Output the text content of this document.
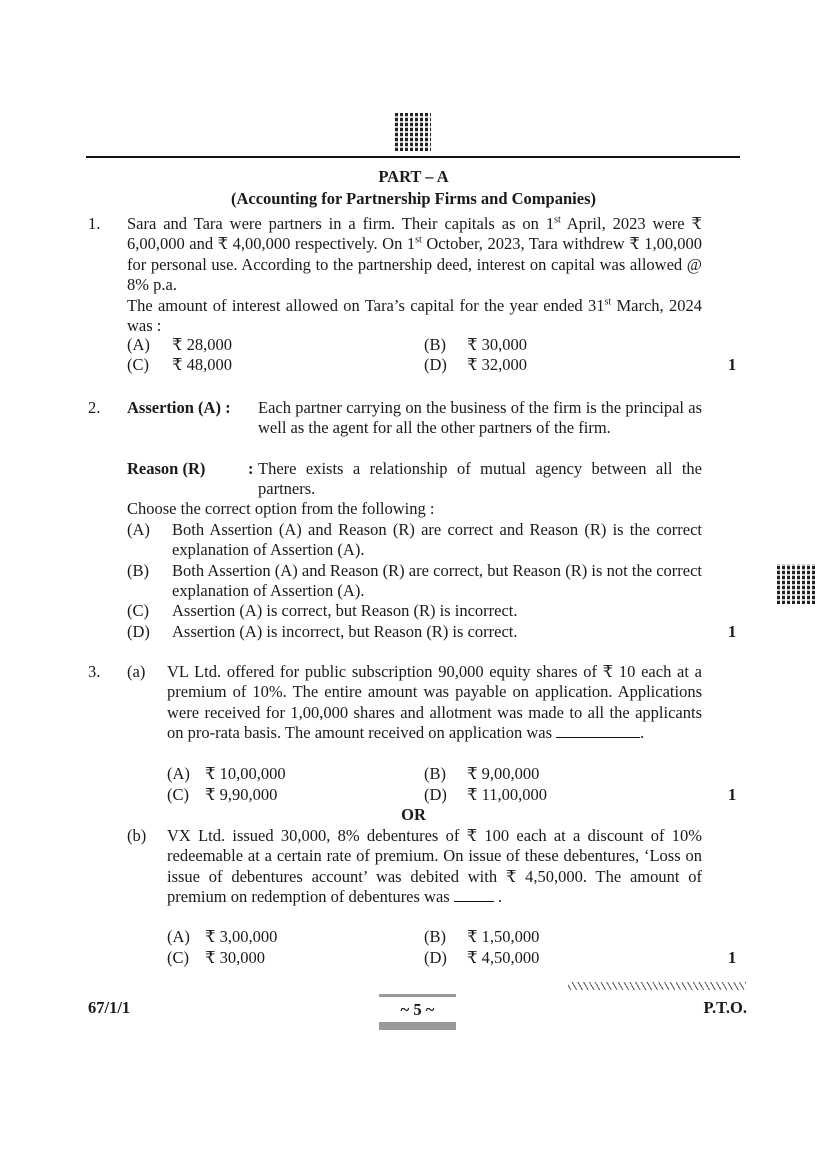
PART – A
(Accounting for Partnership Firms and Companies)
1. Sara and Tara were partners in a firm. Their capitals as on 1st April, 2023 were ₹ 6,00,000 and ₹ 4,00,000 respectively. On 1st October, 2023, Tara withdrew ₹ 1,00,000 for personal use. According to the partnership deed, interest on capital was allowed @ 8% p.a.
The amount of interest allowed on Tara’s capital for the year ended 31st March, 2024 was :
(A) ₹ 28,000	(B) ₹ 30,000
(C) ₹ 48,000	(D) ₹ 32,000	1
2. Assertion (A) : Each partner carrying on the business of the firm is the principal as well as the agent for all the other partners of the firm.
Reason (R)	: There exists a relationship of mutual agency between all the partners.
Choose the correct option from the following :
(A) Both Assertion (A) and Reason (R) are correct and Reason (R) is the correct explanation of Assertion (A).
(B) Both Assertion (A) and Reason (R) are correct, but Reason (R) is not the correct explanation of Assertion (A).
(C) Assertion (A) is correct, but Reason (R) is incorrect.
(D) Assertion (A) is incorrect, but Reason (R) is correct.	1
3. (a) VL Ltd. offered for public subscription 90,000 equity shares of ₹ 10 each at a premium of 10%. The entire amount was payable on application. Applications were received for 1,00,000 shares and allotment was made to all the applicants on pro-rata basis. The amount received on application was	.
(A) ₹ 10,00,000	(B) ₹ 9,00,000
(C) ₹ 9,90,000	(D) ₹ 11,00,000	1
OR
(b) VX Ltd. issued 30,000, 8% debentures of ₹ 100 each at a discount of 10% redeemable at a certain rate of premium. On issue of these debentures, ‘Loss on issue of debentures account’ was debited with ₹ 4,50,000. The amount of premium on redemption of debentures was	.
(A) ₹ 3,00,000	(B) ₹ 1,50,000
(C) ₹ 30,000	(D) ₹ 4,50,000	1
67/1/1	~ 5 ~	P.T.O.
